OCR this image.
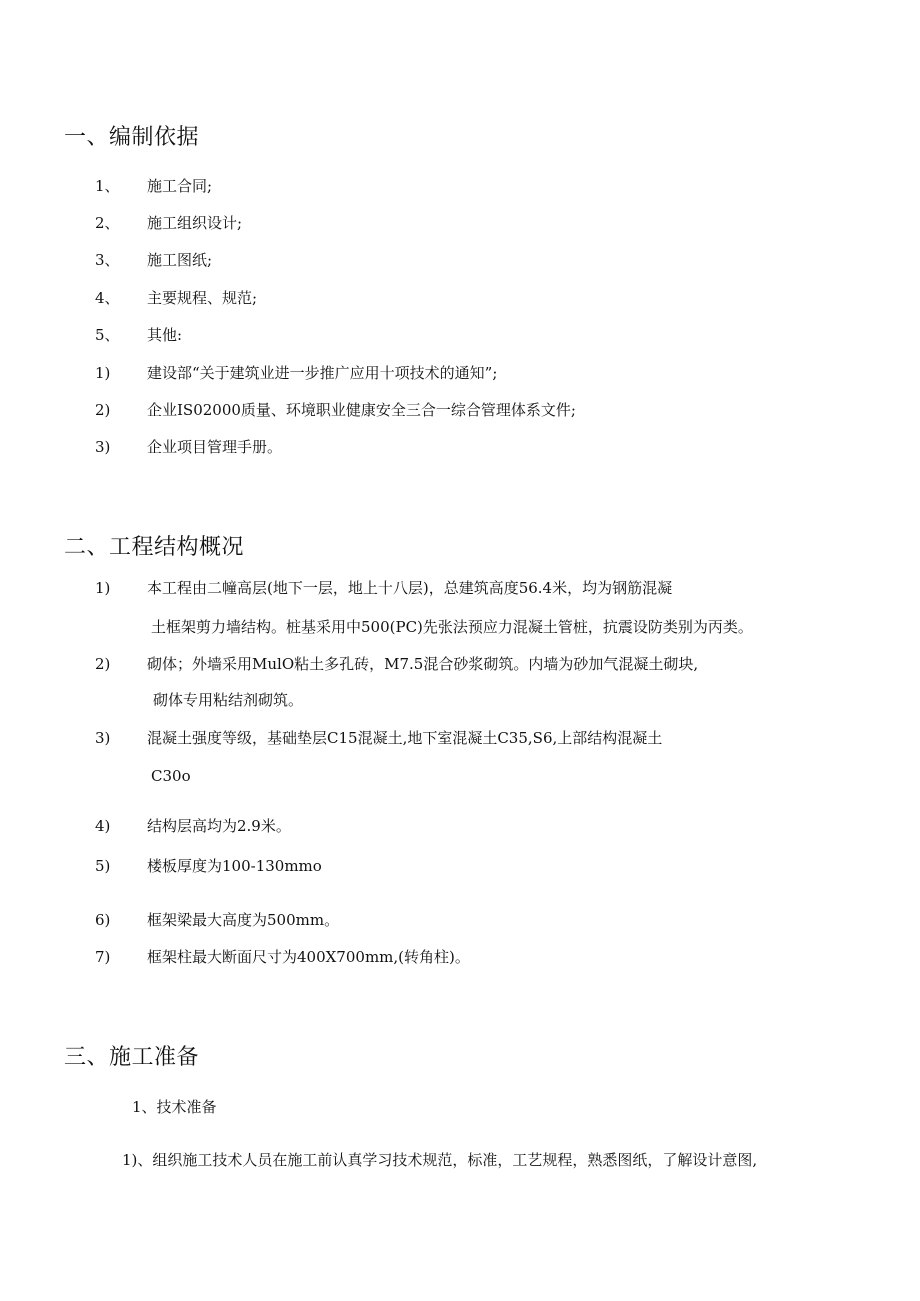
一、编制依据
1、 施工合同;
2、 施工组织设计;
3、 施工图纸;
4、 主要规程、规范;
5、 其他:
1) 建设部“关于建筑业进一步推广应用十项技术的通知”;
2) 企业IS02000质量、环境职业健康安全三合一综合管理体系文件;
3) 企业项目管理手册。
二、工程结构概况
1) 本工程由二幢高层(地下一层，地上十八层)，总建筑高度56.4米，均为钢筋混凝
土框架剪力墙结构。桩基采用中500(PC)先张法预应力混凝土管桩，抗震设防类别为丙类。
2) 砌体；外墙采用MulO粘土多孔砖，M7.5混合砂浆砌筑。内墙为砂加气混凝土砌块,
砌体专用粘结剂砌筑。
3) 混凝土强度等级，基础垫层C15混凝土,地下室混凝土C35,S6,上部结构混凝土
C30o
4) 结构层高均为2.9米。
5) 楼板厚度为100-130mmo
6) 框架梁最大高度为500mm。
7) 框架柱最大断面尺寸为400X700mm,(转角柱)。
三、施工准备
1、技术准备
1)、组织施工技术人员在施工前认真学习技术规范，标准，工艺规程，熟悉图纸，了解设计意图,
